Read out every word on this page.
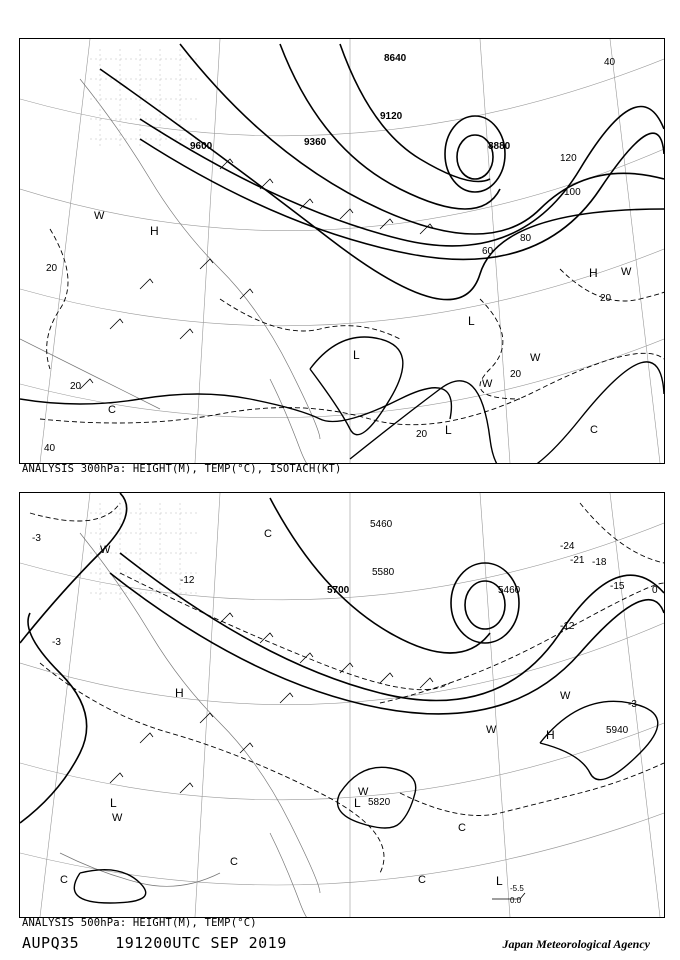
L
L
L
H
H
W
W
W
W
C
C
9600	9360
9120
8880
8640
20
20
20
20
20
40
40
60
80
100
120
ANALYSIS 300hPa: HEIGHT(M), TEMP(°C), ISOTACH(KT)
L	L
L
H
H
W
W
W
W
W
C
C	C
C
C
5700
5580
5460
5460
5820
5940
-3
-3
-3
-12
-12
-15
-18
-21
-24
0
-5.5
0.0
ANALYSIS 500hPa: HEIGHT(M), TEMP(°C)
AUPQ35 191200UTC SEP 2019	Japan Meteorological Agency
